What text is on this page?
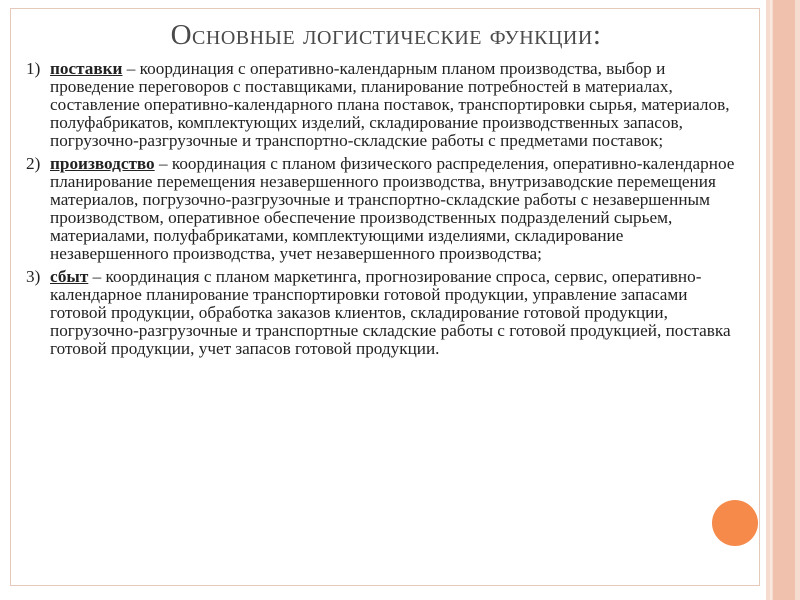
Основные логистические функции:
1) поставки – координация с оперативно-календарным планом производства, выбор и проведение переговоров с поставщиками, планирование потребностей в материалах, составление оперативно-календарного плана поставок, транспортировки сырья, материалов, полуфабрикатов, комплектующих изделий, складирование производственных запасов, погрузочно-разгрузочные и транспортно-складские работы с предметами поставок;
2) производство – координация с планом физического распределения, оперативно-календарное планирование перемещения незавершенного производства, внутризаводские перемещения материалов, погрузочно-разгрузочные и транспортно-складские работы с незавершенным производством, оперативное обеспечение производственных подразделений сырьем, материалами, полуфабрикатами, комплектующими изделиями, складирование незавершенного производства, учет незавершенного производства;
3) сбыт – координация с планом маркетинга, прогнозирование спроса, сервис, оперативно-календарное планирование транспортировки готовой продукции, управление запасами готовой продукции, обработка заказов клиентов, складирование готовой продукции, погрузочно-разгрузочные и транспортные складские работы с готовой продукцией, поставка готовой продукции, учет запасов готовой продукции.
